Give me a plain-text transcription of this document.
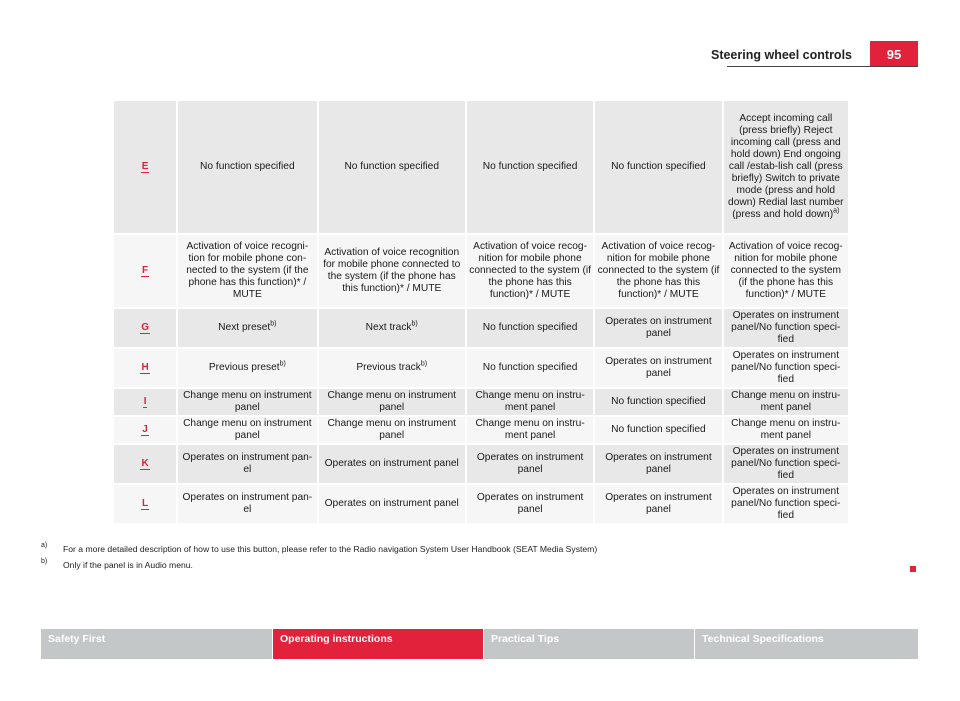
Steering wheel controls	95
E	No function specified	No function specified	No function specified	No function specified	Accept incoming call (press briefly) Reject incoming call (press and hold down) End ongoing call /estab-lish call (press briefly) Switch to private mode (press and hold down) Redial last number (press and hold down)$^{a)}$
F	Activation of voice recogni-tion for mobile phone con-nected to the system (if the phone has this function)* / MUTE	Activation of voice recognition for mobile phone connected to the system (if the phone has this function)* / MUTE	Activation of voice recog-nition for mobile phone connected to the system (if the phone has this function)* / MUTE	Activation of voice recog-nition for mobile phone connected to the system (if the phone has this function)* / MUTE	Activation of voice recog-nition for mobile phone connected to the system (if the phone has this function)* / MUTE
G	Next preset$^{b)}$	Next track$^{b)}$	No function specified	Operates on instrument panel	Operates on instrument panel/No function speci-fied
H	Previous preset$^{b)}$	Previous track$^{b)}$	No function specified	Operates on instrument panel	Operates on instrument panel/No function speci-fied
I	Change menu on instrument panel	Change menu on instrument panel	Change menu on instru-ment panel	No function specified	Change menu on instru-ment panel
J	Change menu on instrument panel	Change menu on instrument panel	Change menu on instru-ment panel	No function specified	Change menu on instru-ment panel
K	Operates on instrument pan-el	Operates on instrument panel	Operates on instrument panel	Operates on instrument panel	Operates on instrument panel/No function speci-fied
L	Operates on instrument pan-el	Operates on instrument panel	Operates on instrument panel	Operates on instrument panel	Operates on instrument panel/No function speci-fied
a)	For a more detailed description of how to use this button, please refer to the Radio navigation System User Handbook (SEAT Media System)
b)	Only if the panel is in Audio menu.
Safety First	Operating instructions	Practical Tips	Technical Specifications
